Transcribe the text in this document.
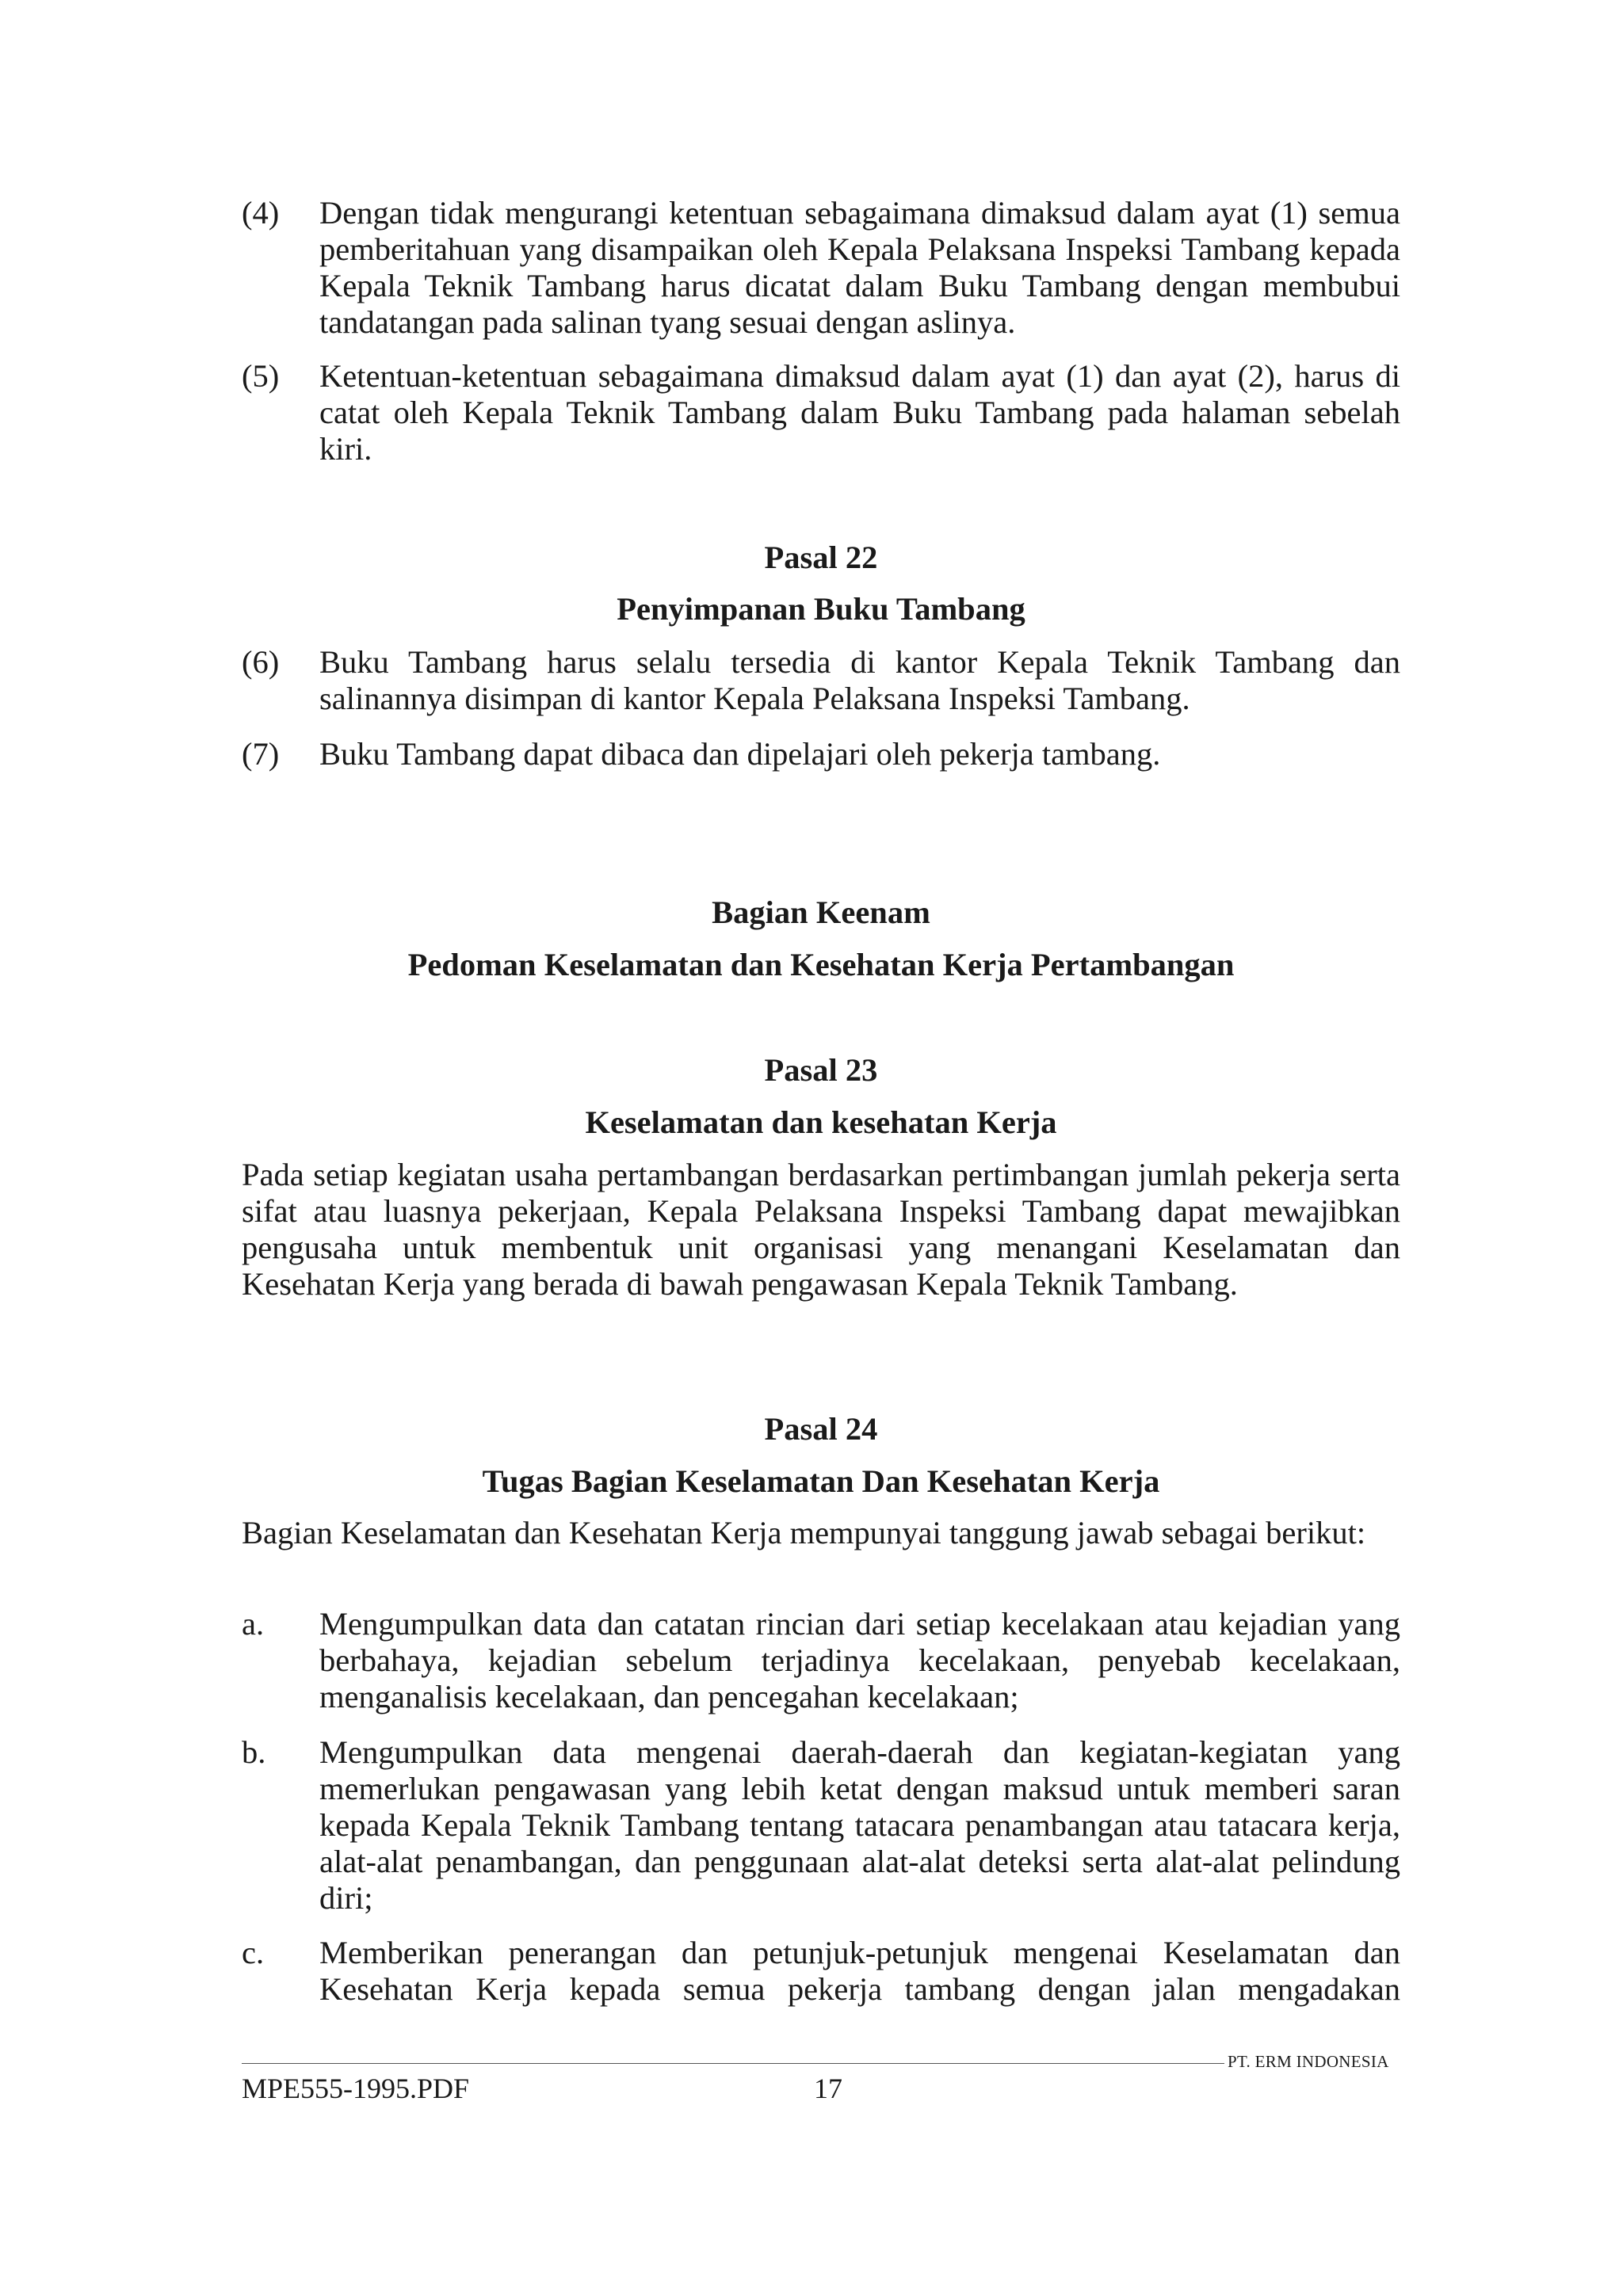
(4)	Dengan tidak mengurangi ketentuan sebagaimana dimaksud dalam ayat (1) semua pemberitahuan yang disampaikan oleh Kepala Pelaksana Inspeksi Tambang kepada Kepala Teknik Tambang harus dicatat dalam Buku Tambang dengan membubui tandatangan pada salinan tyang sesuai dengan aslinya.
(5)	Ketentuan-ketentuan sebagaimana dimaksud dalam ayat (1) dan ayat (2), harus di catat oleh Kepala Teknik Tambang dalam Buku Tambang pada halaman sebelah kiri.
Pasal 22
Penyimpanan Buku Tambang
(6)	Buku Tambang harus selalu tersedia di kantor Kepala Teknik Tambang dan salinannya disimpan di kantor Kepala Pelaksana Inspeksi Tambang.
(7)	Buku Tambang dapat dibaca dan dipelajari oleh pekerja tambang.
Bagian Keenam
Pedoman Keselamatan dan Kesehatan Kerja Pertambangan
Pasal 23
Keselamatan dan kesehatan Kerja
Pada setiap kegiatan usaha pertambangan berdasarkan pertimbangan jumlah pekerja serta sifat atau luasnya pekerjaan, Kepala Pelaksana Inspeksi Tambang dapat mewajibkan pengusaha untuk membentuk unit organisasi yang menangani Keselamatan dan Kesehatan Kerja yang berada di bawah pengawasan Kepala Teknik Tambang.
Pasal 24
Tugas Bagian Keselamatan Dan Kesehatan Kerja
Bagian Keselamatan dan Kesehatan Kerja mempunyai tanggung jawab sebagai berikut:
a.	Mengumpulkan data dan catatan rincian dari setiap kecelakaan atau kejadian yang berbahaya, kejadian sebelum terjadinya kecelakaan, penyebab kecelakaan, menganalisis kecelakaan, dan pencegahan kecelakaan;
b.	Mengumpulkan data mengenai daerah-daerah dan kegiatan-kegiatan yang memerlukan pengawasan yang lebih ketat dengan maksud untuk memberi saran kepada Kepala Teknik Tambang tentang tatacara penambangan atau tatacara kerja, alat-alat penambangan, dan penggunaan alat-alat deteksi serta alat-alat pelindung diri;
c.	Memberikan penerangan dan petunjuk-petunjuk mengenai Keselamatan dan Kesehatan Kerja kepada semua pekerja tambang dengan jalan mengadakan
PT. ERM INDONESIA
MPE555-1995.PDF	17
